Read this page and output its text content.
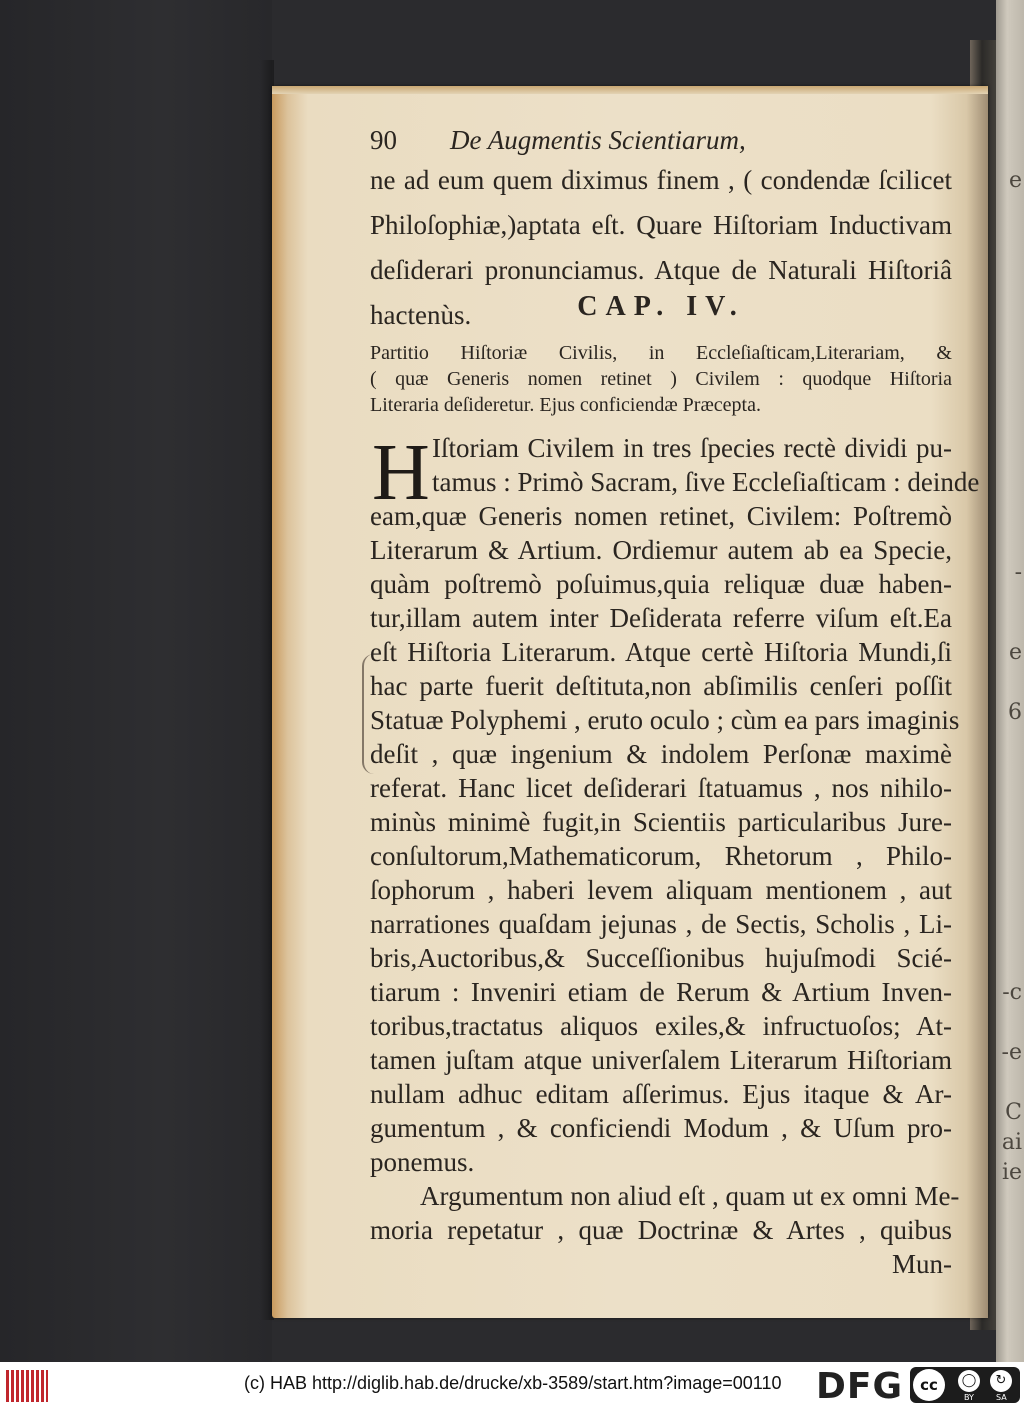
e
-
e
6
-c
-e
C
ai
ie
90 De Augmentis Scientiarum,
ne ad eum quem diximus finem , ( condendæ ſcilicet
Philoſophiæ,)aptata eſt. Quare Hiſtoriam Inductivam
deſiderari pronunciamus. Atque de Naturali Hiſtoriâ
hactenùs.	CAP. IV.
Partitio Hiſtoriæ Civilis, in Eccleſiaſticam,Literariam, &
( quæ Generis nomen retinet ) Civilem : quodque Hiſtoria
Literaria deſideretur. Ejus conficiendæ Præcepta.
H Iſtoriam Civilem in tres ſpecies rectè dividi pu-
tamus : Primò Sacram, ſive Eccleſiaſticam : deinde
eam,quæ Generis nomen retinet, Civilem: Poſtremò
Literarum & Artium. Ordiemur autem ab ea Specie,
quàm poſtremò poſuimus,quia reliquæ duæ haben-
tur,illam autem inter Deſiderata referre viſum eſt.Ea
eſt Hiſtoria Literarum. Atque certè Hiſtoria Mundi,ſi
hac parte fuerit deſtituta,non abſimilis cenſeri poſſit
Statuæ Polyphemi , eruto oculo ; cùm ea pars imaginis
deſit , quæ ingenium & indolem Perſonæ maximè
referat. Hanc licet deſiderari ſtatuamus , nos nihilo-
minùs minimè fugit,in Scientiis particularibus Jure-
conſultorum,Mathematicorum, Rhetorum , Philo-
ſophorum , haberi levem aliquam mentionem , aut
narrationes quaſdam jejunas , de Sectis, Scholis , Li-
bris,Auctoribus,& Succeſſionibus hujuſmodi Scié-
tiarum : Inveniri etiam de Rerum & Artium Inven-
toribus,tractatus aliquos exiles,& infructuoſos; At-
tamen juſtam atque univerſalem Literarum Hiſtoriam
nullam adhuc editam aſſerimus. Ejus itaque & Ar-
gumentum , & conficiendi Modum , & Uſum pro-
ponemus.
Argumentum non aliud eſt , quam ut ex omni Me-
moria repetatur , quæ Doctrinæ & Artes , quibus
Mun-
(c) HAB http://diglib.hab.de/drucke/xb-3589/start.htm?image=00110 DFG	cc	◯	↻
BY	SA
